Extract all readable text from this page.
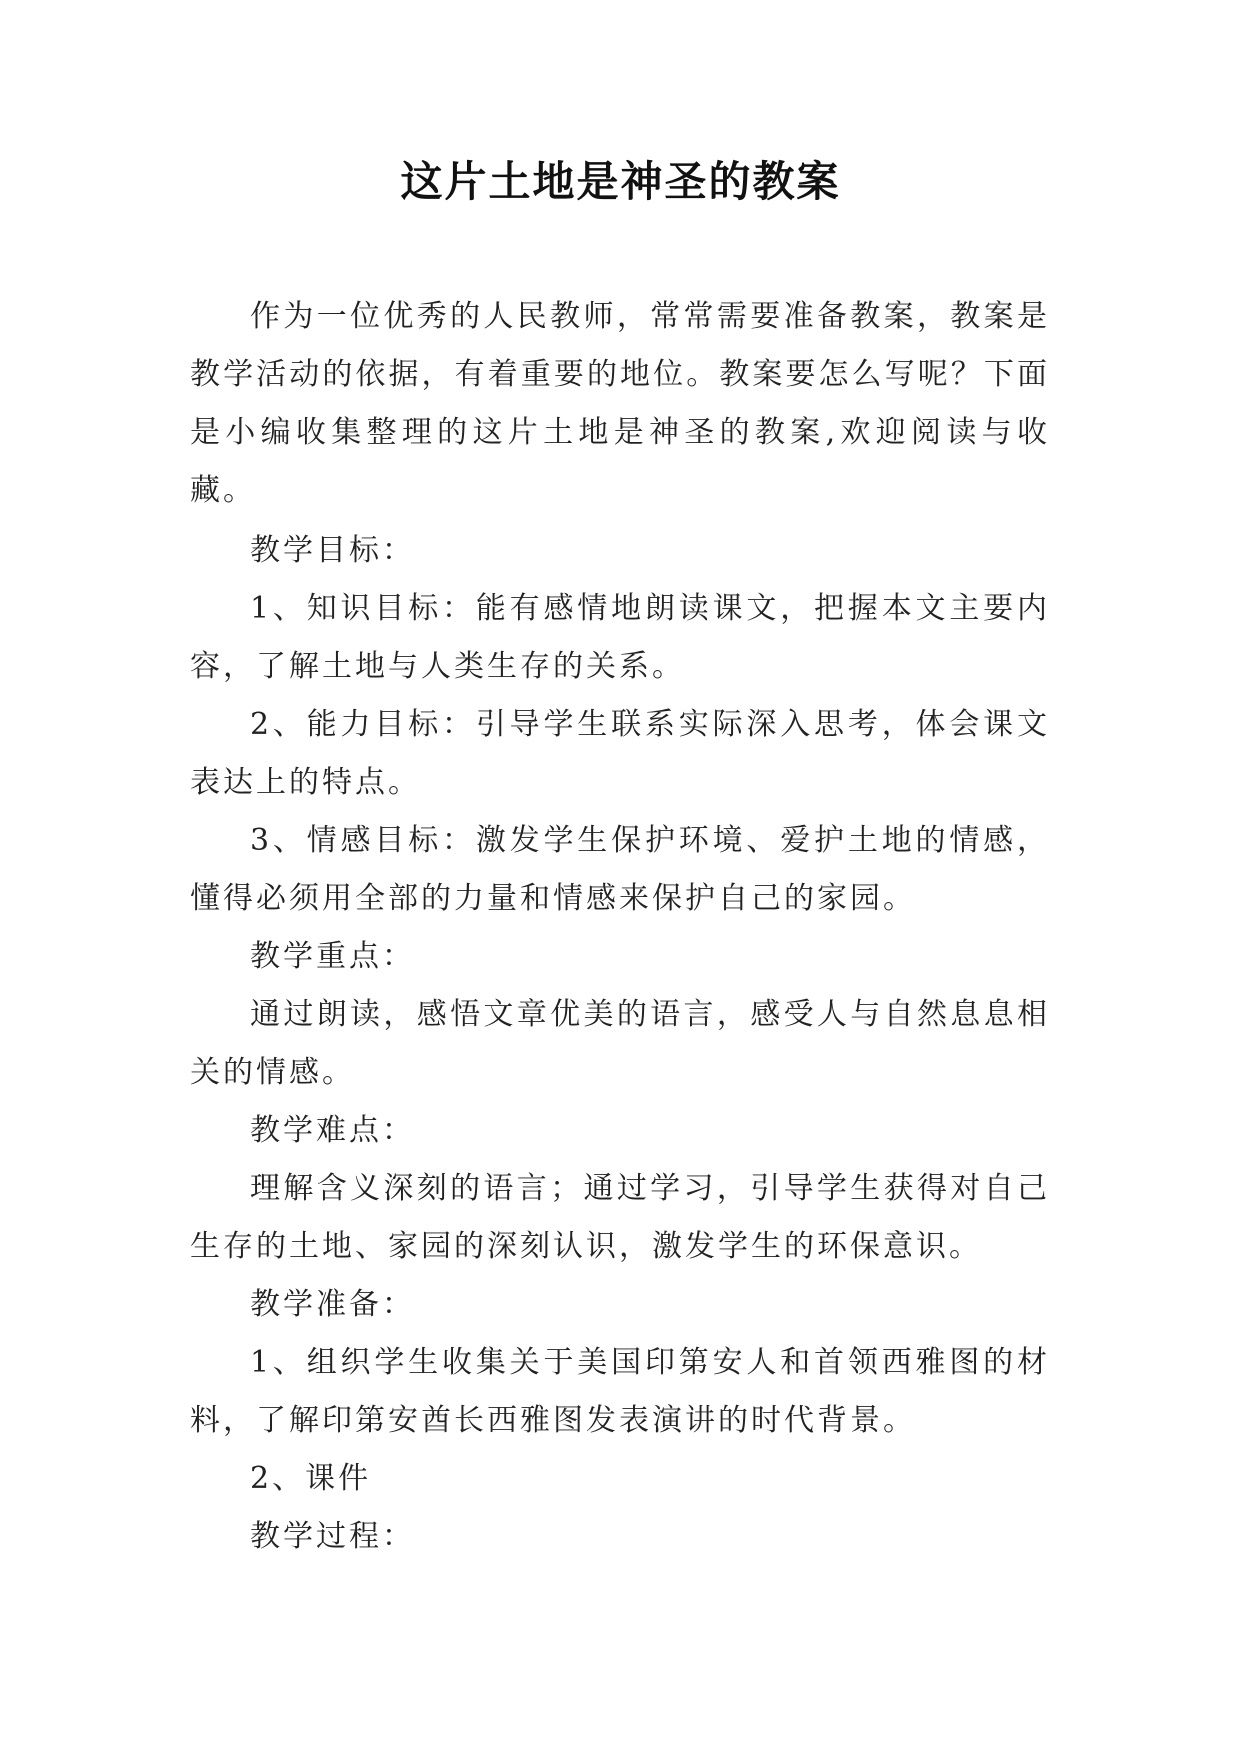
这片土地是神圣的教案

作为一位优秀的人民教师，常常需要准备教案，教案是教学活动的依据，有着重要的地位。教案要怎么写呢？下面是小编收集整理的这片土地是神圣的教案,欢迎阅读与收藏。

教学目标：

1、知识目标：能有感情地朗读课文，把握本文主要内容，了解土地与人类生存的关系。

2、能力目标：引导学生联系实际深入思考，体会课文表达上的特点。

3、情感目标：激发学生保护环境、爱护土地的情感，懂得必须用全部的力量和情感来保护自己的家园。

教学重点：

通过朗读，感悟文章优美的语言，感受人与自然息息相关的情感。

教学难点：

理解含义深刻的语言；通过学习，引导学生获得对自己生存的土地、家园的深刻认识，激发学生的环保意识。

教学准备：

1、组织学生收集关于美国印第安人和首领西雅图的材料，了解印第安酋长西雅图发表演讲的时代背景。

2、课件

教学过程：
